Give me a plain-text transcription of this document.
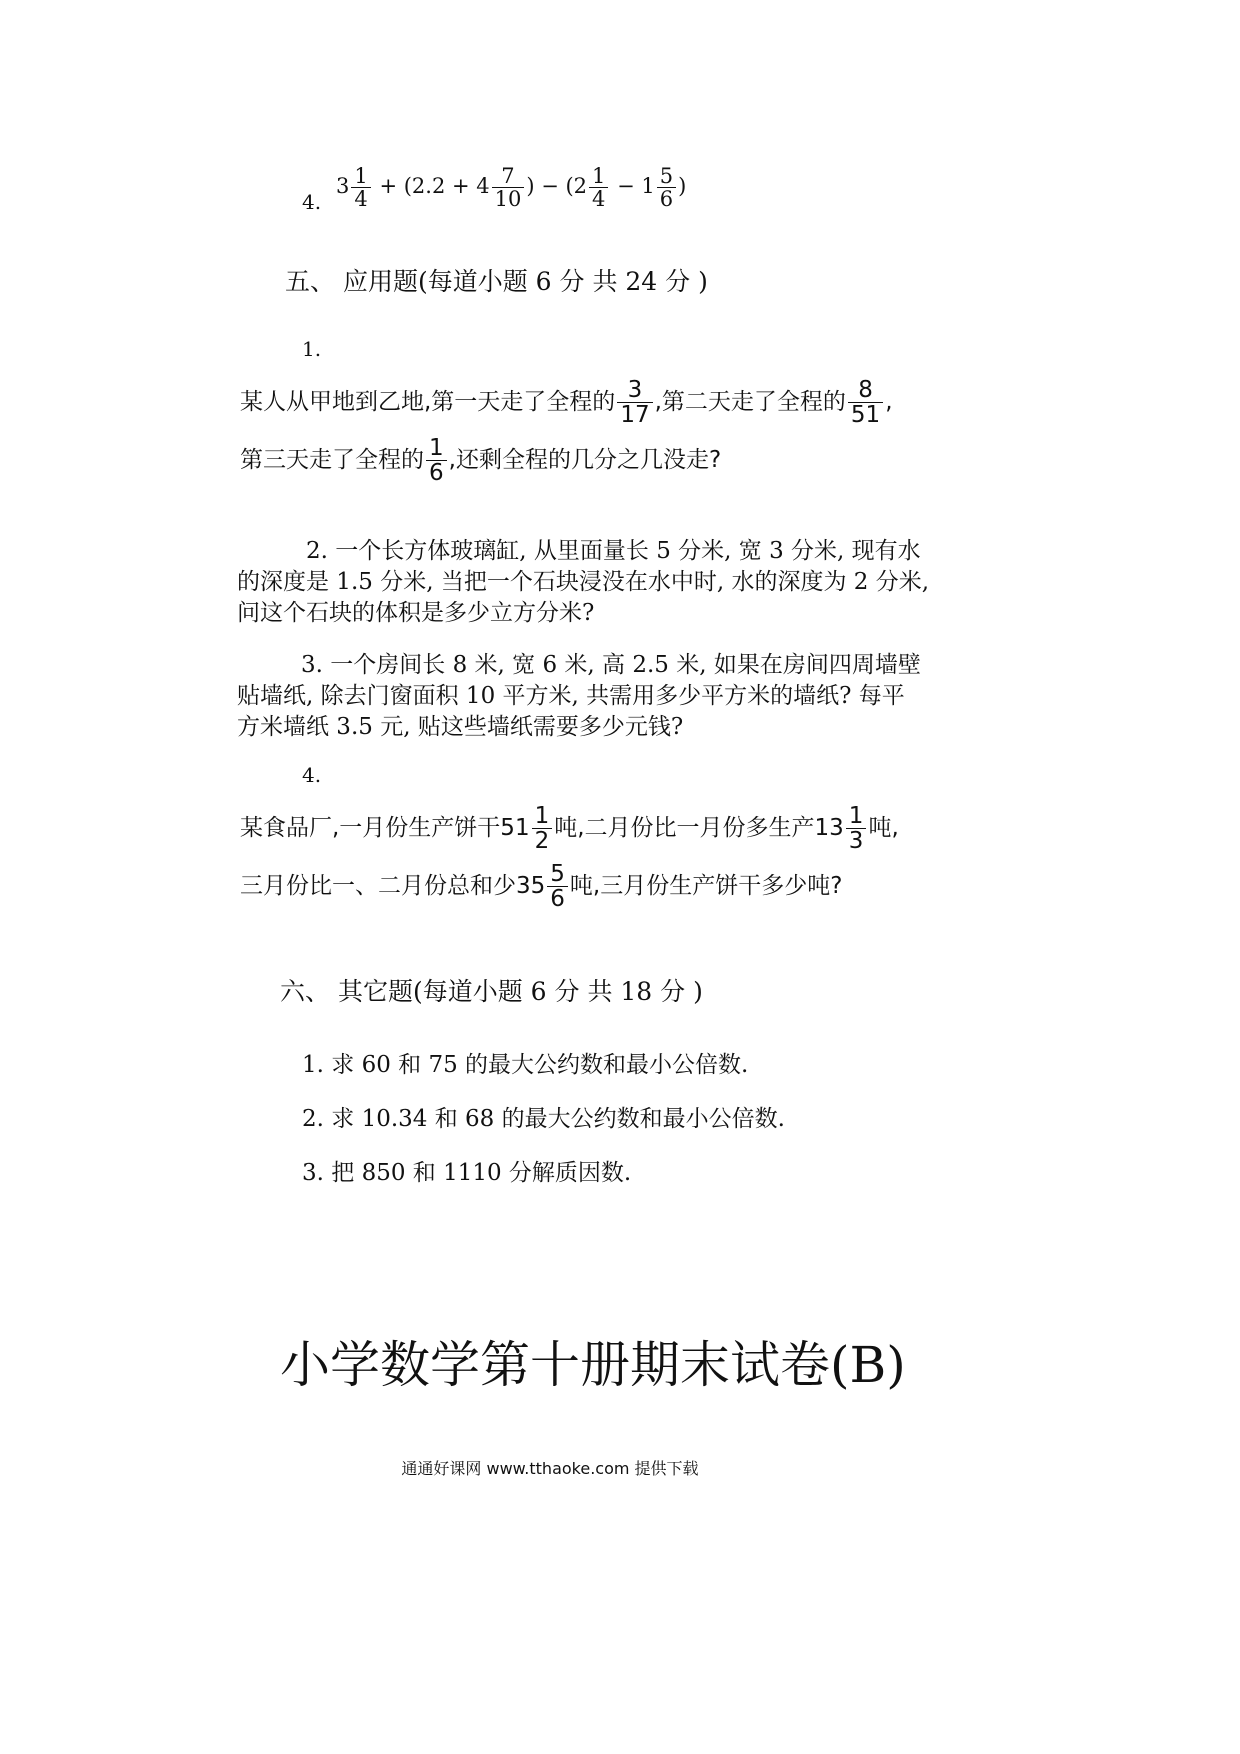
$3 \frac{1}{4} + (2.2 + 4 \frac{7}{10}$ ) − ($2 \frac{1}{4} - 1 \frac{5}{6}$ )
4.
五、 应用题(每道小题 6 分 共 24 分 )
1.
某人从甲地到乙地,第一天走了全程的 $\frac{3}{17}$ ,第二天走了全程的 $\frac{8}{51}$ ,
第三天走了全程的 $\frac{1}{6}$ ,还剩全程的几分之几没走?
2. 一个长方体玻璃缸, 从里面量长 5 分米, 宽 3 分米, 现有水
的深度是 1.5 分米, 当把一个石块浸没在水中时, 水的深度为 2 分米,
问这个石块的体积是多少立方分米?
3. 一个房间长 8 米, 宽 6 米, 高 2.5 米, 如果在房间四周墙壁
贴墙纸, 除去门窗面积 10 平方米, 共需用多少平方米的墙纸? 每平
方米墙纸 3.5 元, 贴这些墙纸需要多少元钱?
4.
某食品厂,一月份生产饼干$51 \frac{1}{2}$ 吨,二月份比一月份多生产$13 \frac{1}{3}$ 吨,
三月份比一、二月份总和少$35 \frac{5}{6}$ 吨,三月份生产饼干多少吨?
六、 其它题(每道小题 6 分 共 18 分 )
1. 求 60 和 75 的最大公约数和最小公倍数.
2. 求 10.34 和 68 的最大公约数和最小公倍数.
3. 把 850 和 1110 分解质因数.
小学数学第十册期末试卷(B)
通通好课网 www.tthaoke.com 提供下载
